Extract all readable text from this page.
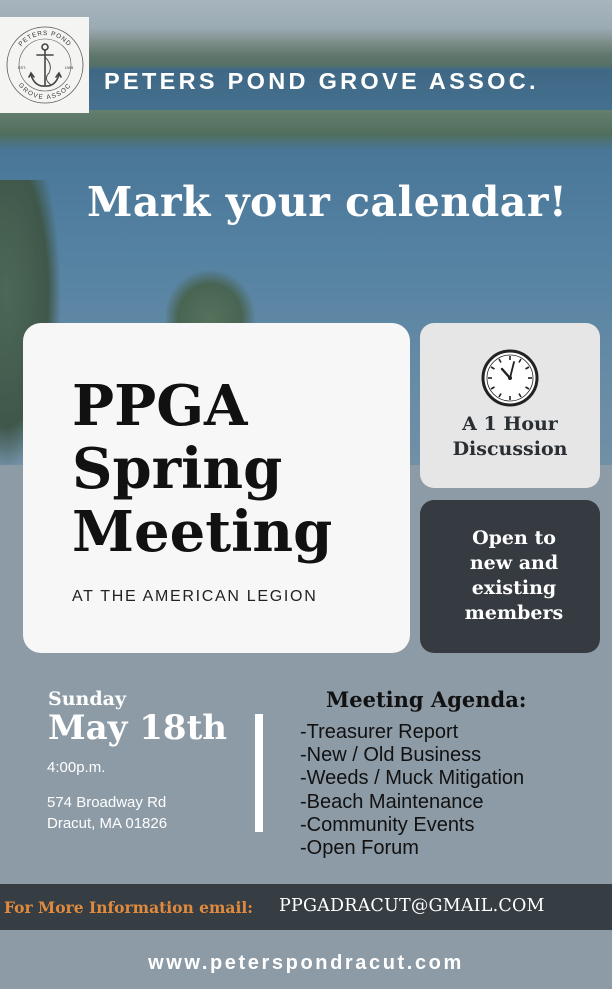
PETERS POND
GROVE ASSOC
EST.	1998 PETERS POND GROVE ASSOC.
Mark your calendar!
PPGA
Spring
Meeting
AT THE AMERICAN LEGION
A 1 Hour
Discussion
Open to
new and
existing
members
Sunday
May 18th
4:00p.m.
574 Broadway Rd
Dracut, MA 01826
Meeting Agenda:
-Treasurer Report
-New / Old Business
-Weeds / Muck Mitigation
-Beach Maintenance
-Community Events
-Open Forum
For More Information email: PPGADRACUT@GMAIL.COM
www.peterspondracut.com
